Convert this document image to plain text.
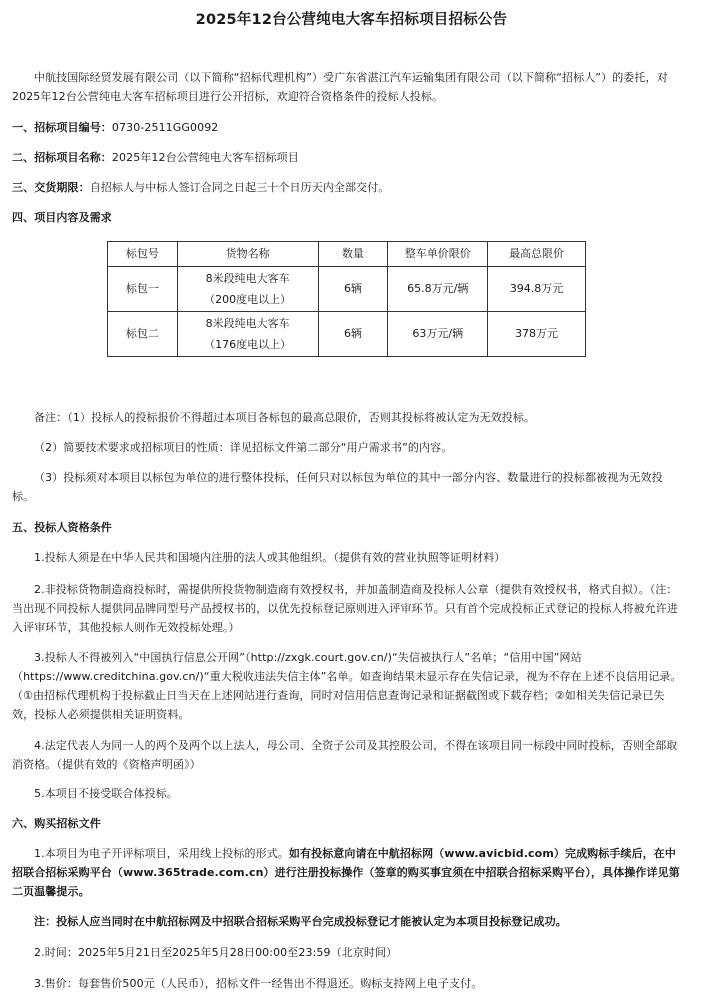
2025年12台公营纯电大客车招标项目招标公告

中航技国际经贸发展有限公司（以下简称“招标代理机构”）受广东省湛江汽车运输集团有限公司（以下简称“招标人”）的委托，对2025年12台公营纯电大客车招标项目进行公开招标，欢迎符合资格条件的投标人投标。

一、招标项目编号：0730-2511GG0092

二、招标项目名称：2025年12台公营纯电大客车招标项目

三、交货期限：自招标人与中标人签订合同之日起三十个日历天内全部交付。

四、项目内容及需求

标包号	货物名称	数量	整车单价限价	最高总限价
标包一	8米段纯电大客车
（200度电以上）	6辆	65.8万元/辆	394.8万元
标包二	8米段纯电大客车
（176度电以上）	6辆	63万元/辆	378万元

备注：（1）投标人的投标报价不得超过本项目各标包的最高总限价，否则其投标将被认定为无效投标。

（2）简要技术要求或招标项目的性质：详见招标文件第二部分“用户需求书”的内容。

（3）投标须对本项目以标包为单位的进行整体投标，任何只对以标包为单位的其中一部分内容、数量进行的投标都被视为无效投标。

五、投标人资格条件

1.投标人须是在中华人民共和国境内注册的法人或其他组织。（提供有效的营业执照等证明材料）

2.非投标货物制造商投标时，需提供所投货物制造商有效授权书，并加盖制造商及投标人公章（提供有效授权书，格式自拟）。（注：当出现不同投标人提供同品牌同型号产品授权书的，以优先投标登记原则进入评审环节。只有首个完成投标正式登记的投标人将被允许进入评审环节，其他投标人则作无效投标处理。）

3.投标人不得被列入“中国执行信息公开网”（http://zxgk.court.gov.cn/)“失信被执行人”名单；“信用中国”网站（https://www.creditchina.gov.cn/)“重大税收违法失信主体”名单。如查询结果未显示存在失信记录，视为不存在上述不良信用记录。（①由招标代理机构于投标截止日当天在上述网站进行查询，同时对信用信息查询记录和证据截图或下载存档；②如相关失信记录已失效，投标人必须提供相关证明资料。

4.法定代表人为同一人的两个及两个以上法人，母公司、全资子公司及其控股公司，不得在该项目同一标段中同时投标，否则全部取消资格。（提供有效的《资格声明函》）

5.本项目不接受联合体投标。

六、购买招标文件

1.本项目为电子开评标项目，采用线上投标的形式。如有投标意向请在中航招标网（www.avicbid.com）完成购标手续后，在中招联合招标采购平台（www.365trade.com.cn）进行注册投标操作（签章的购买事宜须在中招联合招标采购平台），具体操作详见第二页温馨提示。

注：投标人应当同时在中航招标网及中招联合招标采购平台完成投标登记才能被认定为本项目投标登记成功。

2.时间：2025年5月21日至2025年5月28日00:00至23:59（北京时间）

3.售价：每套售价500元（人民币），招标文件一经售出不得退还。购标支持网上电子支付。
